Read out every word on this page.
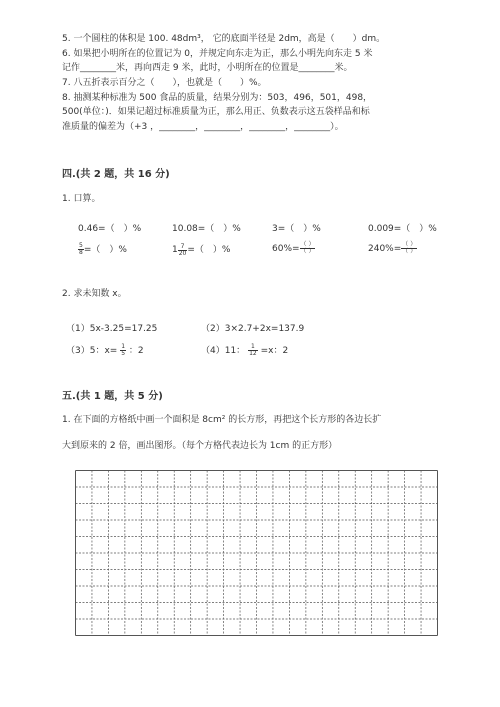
5. 一个圆柱的体积是 100. 48dm³， 它的底面半径是 2dm，高是（　　）dm。
6. 如果把小明所在的位置记为 0，并规定向东走为正，那么小明先向东走 5 米
记作________米，再向西走 9 米，此时，小明所在的位置是________米。
7. 八五折表示百分之（　　），也就是（　　）%。
8. 抽测某种标准为 500 食品的质量，结果分别为：503，496，501，498，
500(单位：)．如果记超过标准质量为正，那么用正、负数表示这五袋样品和标
准质量的偏差为（+3 ，________，________，________，________）。
四.(共 2 题，共 16 分)
1. 口算。
0.46=（　）%	10.08=（　）%	3=（　）%	0.009=（　）%
$\frac{5}{8}$ =（　）%	$1 \frac{7}{20}$ =（　）%	$60\%= \frac{( )}{( )}$	$240\%= \frac{( )}{( )}$
2. 求未知数 x。
（1）5x-3.25=17.25	（2）3×2.7+2x=137.9
（3）5：$x= \frac{1}{5}$ ：2	（4）11： $\frac{1}{12} =x$：2
五.(共 1 题，共 5 分)
1. 在下面的方格纸中画一个面积是 8cm² 的长方形，再把这个长方形的各边长扩
大到原来的 2 倍，画出图形。（每个方格代表边长为 1cm 的正方形）
